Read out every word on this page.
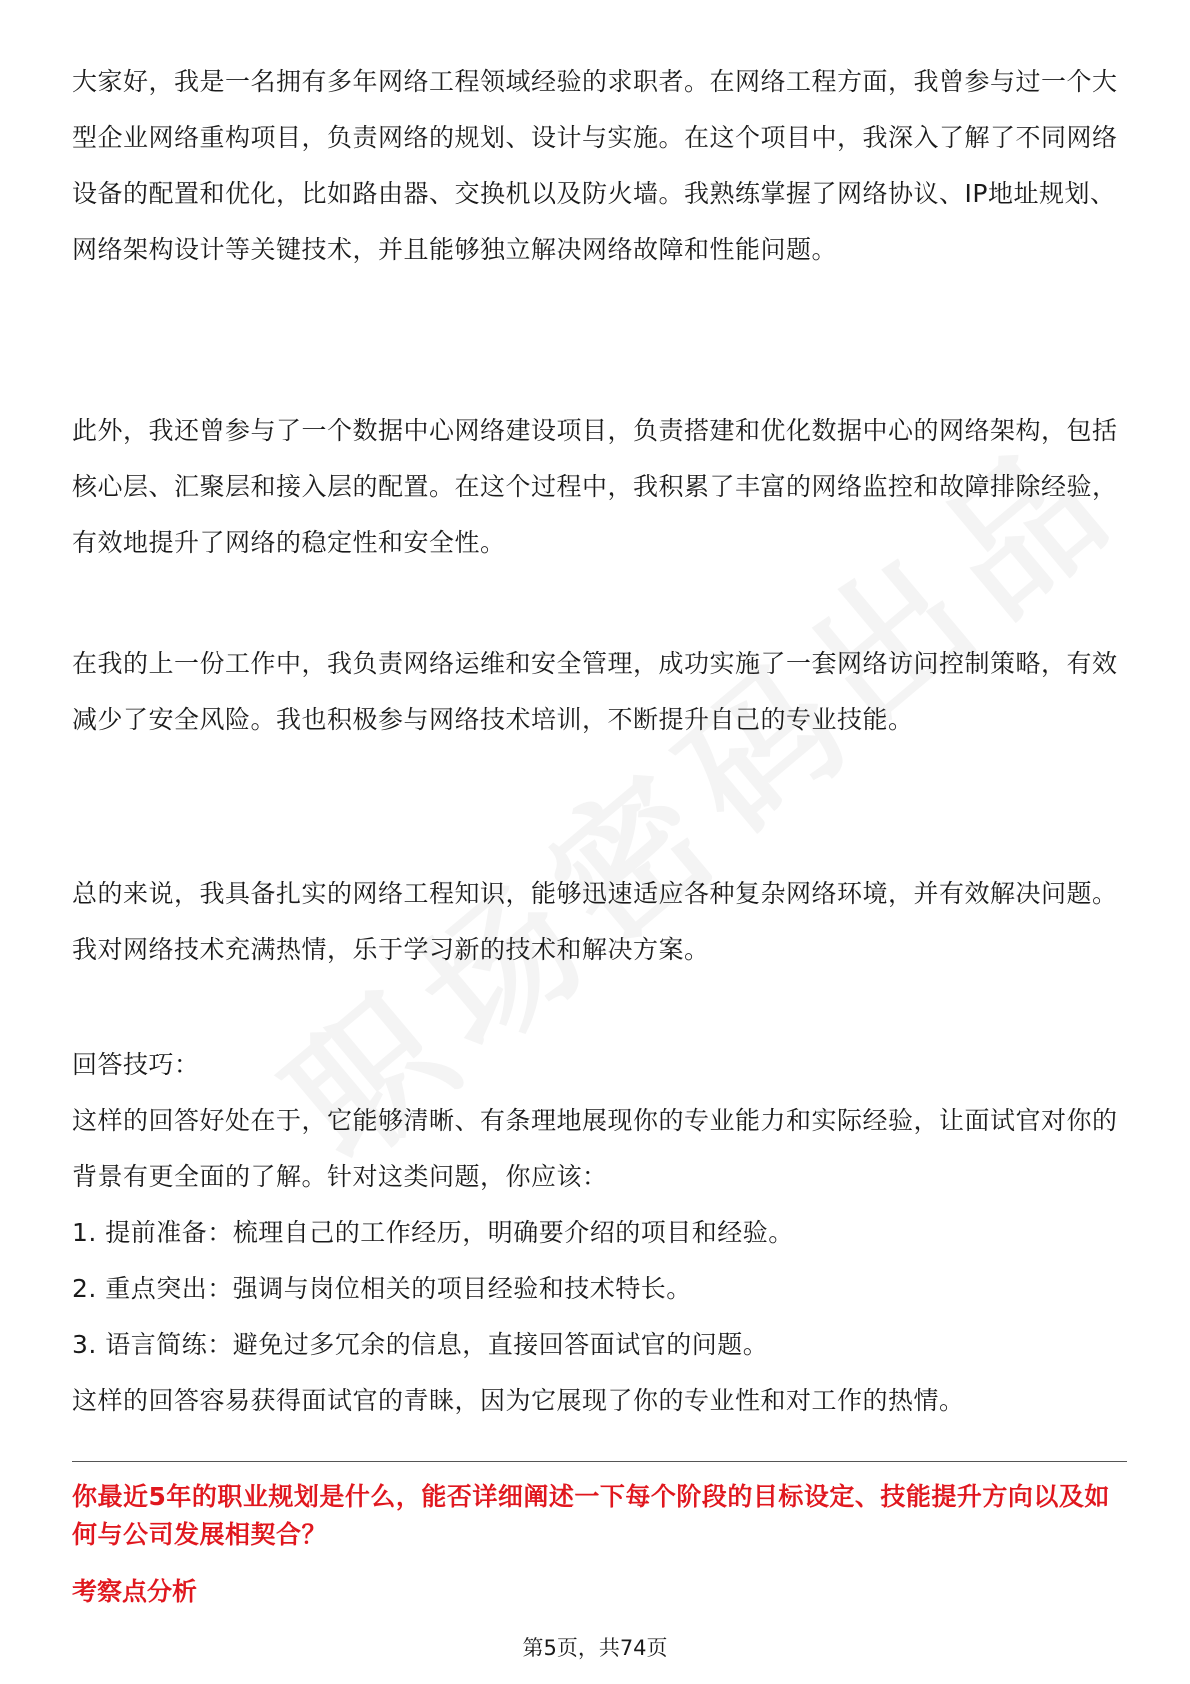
大家好，我是一名拥有多年网络工程领域经验的求职者。在网络工程方面，我曾参与过一个大型企业网络重构项目，负责网络的规划、设计与实施。在这个项目中，我深入了解了不同网络设备的配置和优化，比如路由器、交换机以及防火墙。我熟练掌握了网络协议、IP地址规划、网络架构设计等关键技术，并且能够独立解决网络故障和性能问题。

此外，我还曾参与了一个数据中心网络建设项目，负责搭建和优化数据中心的网络架构，包括核心层、汇聚层和接入层的配置。在这个过程中，我积累了丰富的网络监控和故障排除经验，有效地提升了网络的稳定性和安全性。

在我的上一份工作中，我负责网络运维和安全管理，成功实施了一套网络访问控制策略，有效减少了安全风险。我也积极参与网络技术培训，不断提升自己的专业技能。

总的来说，我具备扎实的网络工程知识，能够迅速适应各种复杂网络环境，并有效解决问题。我对网络技术充满热情，乐于学习新的技术和解决方案。

回答技巧：

这样的回答好处在于，它能够清晰、有条理地展现你的专业能力和实际经验，让面试官对你的背景有更全面的了解。针对这类问题，你应该：

1. 提前准备：梳理自己的工作经历，明确要介绍的项目和经验。

2. 重点突出：强调与岗位相关的项目经验和技术特长。

3. 语言简练：避免过多冗余的信息，直接回答面试官的问题。

这样的回答容易获得面试官的青睐，因为它展现了你的专业性和对工作的热情。

你最近5年的职业规划是什么，能否详细阐述一下每个阶段的目标设定、技能提升方向以及如何与公司发展相契合？

考察点分析

第5页，共74页
